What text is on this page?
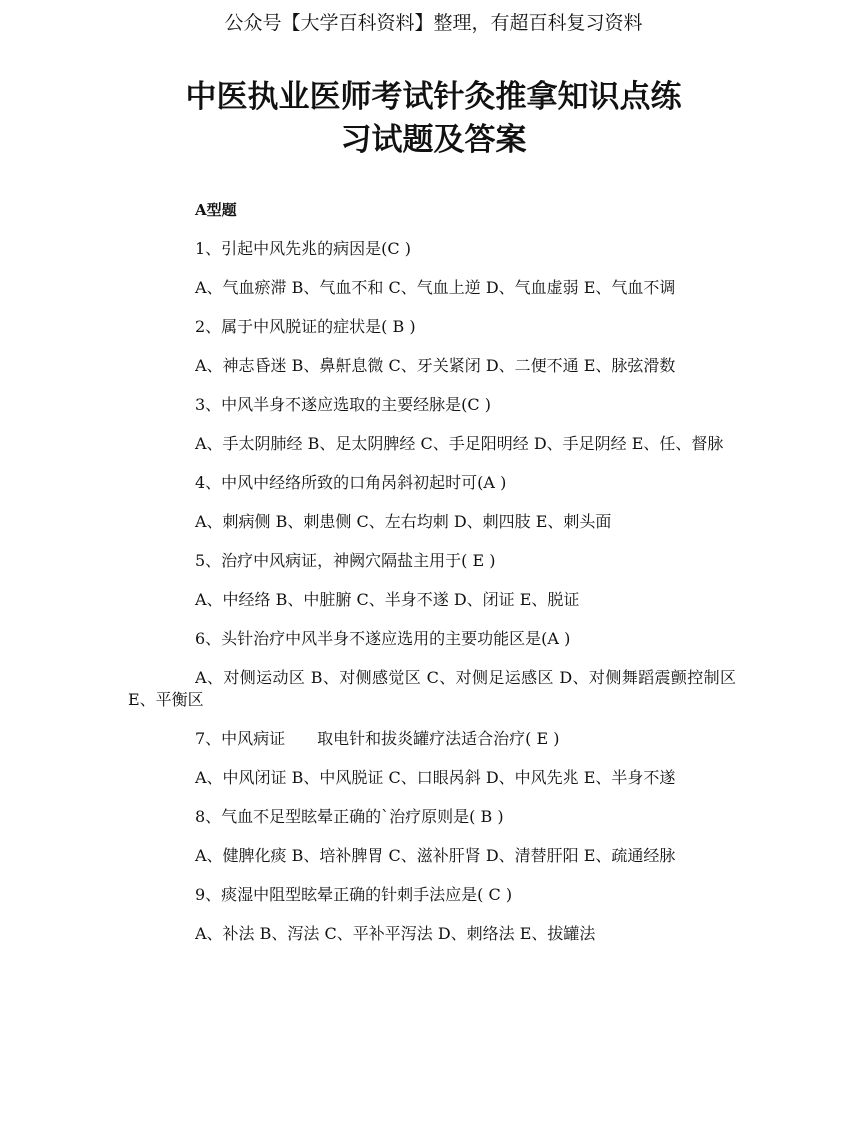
公众号【大学百科资料】整理，有超百科复习资料
中医执业医师考试针灸推拿知识点练
习试题及答案
A型题

1、引起中风先兆的病因是(C )

A、气血瘀滞 B、气血不和 C、气血上逆 D、气血虚弱 E、气血不调

2、属于中风脱证的症状是( B )

A、神志昏迷 B、鼻鼾息微 C、牙关紧闭 D、二便不通 E、脉弦滑数

3、中风半身不遂应选取的主要经脉是(C )

A、手太阴肺经 B、足太阴脾经 C、手足阳明经 D、手足阴经 E、任、督脉

4、中风中经络所致的口角呙斜初起时可(A )

A、刺病侧 B、刺患侧 C、左右均刺 D、刺四肢 E、刺头面

5、治疗中风病证，神阙穴隔盐主用于( E )

A、中经络 B、中脏腑 C、半身不遂 D、闭证 E、脱证

6、头针治疗中风半身不遂应选用的主要功能区是(A )

A、对侧运动区 B、对侧感觉区 C、对侧足运感区 D、对侧舞蹈震颤控制区 E、平衡区

7、中风病证　　取电针和拔炎罐疗法适合治疗( E )

A、中风闭证 B、中风脱证 C、口眼呙斜 D、中风先兆 E、半身不遂

8、气血不足型眩晕正确的`治疗原则是( B )

A、健脾化痰 B、培补脾胃 C、滋补肝肾 D、清替肝阳 E、疏通经脉

9、痰湿中阻型眩晕正确的针刺手法应是( C )

A、补法 B、泻法 C、平补平泻法 D、刺络法 E、拔罐法
